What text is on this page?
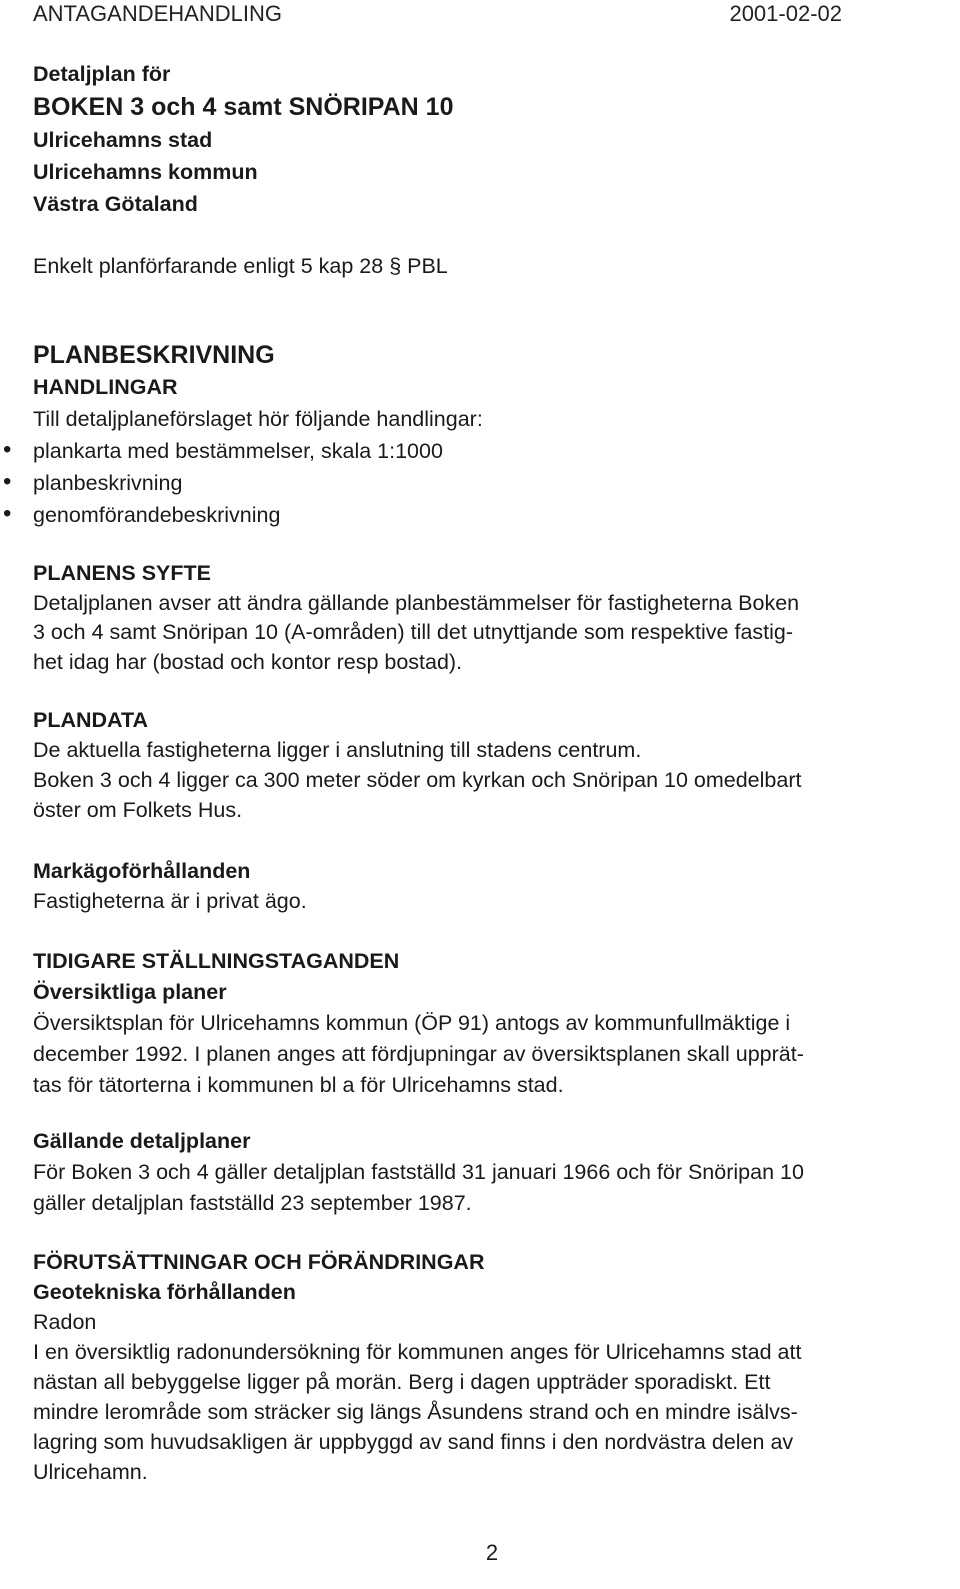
ANTAGANDEHANDLING	2001-02-02

Detaljplan för

BOKEN 3 och 4 samt SNÖRIPAN 10

Ulricehamns stad

Ulricehamns kommun

Västra Götaland

Enkelt planförfarande enligt 5 kap 28 § PBL

PLANBESKRIVNING

HANDLINGAR

Till detaljplaneförslaget hör följande handlingar:

• plankarta med bestämmelser, skala 1:1000
• planbeskrivning
• genomförandebeskrivning

PLANENS SYFTE

Detaljplanen avser att ändra gällande planbestämmelser för fastigheterna Boken

3 och 4 samt Snöripan 10 (A-områden) till det utnyttjande som respektive fastig-

het idag har (bostad och kontor resp bostad).

PLANDATA

De aktuella fastigheterna ligger i anslutning till stadens centrum.

Boken 3 och 4 ligger ca 300 meter söder om kyrkan och Snöripan 10 omedelbart

öster om Folkets Hus.

Markägoförhållanden

Fastigheterna är i privat ägo.

TIDIGARE STÄLLNINGSTAGANDEN

Översiktliga planer

Översiktsplan för Ulricehamns kommun (ÖP 91) antogs av kommunfullmäktige i

december 1992. I planen anges att fördjupningar av översiktsplanen skall upprät-

tas för tätorterna i kommunen bl a för Ulricehamns stad.

Gällande detaljplaner

För Boken 3 och 4 gäller detaljplan fastställd 31 januari 1966 och för Snöripan 10

gäller detaljplan fastställd 23 september 1987.

FÖRUTSÄTTNINGAR OCH FÖRÄNDRINGAR

Geotekniska förhållanden

Radon

I en översiktlig radonundersökning för kommunen anges för Ulricehamns stad att

nästan all bebyggelse ligger på morän. Berg i dagen uppträder sporadiskt. Ett

mindre lerområde som sträcker sig längs Åsundens strand och en mindre isälvs-

lagring som huvudsakligen är uppbyggd av sand finns i den nordvästra delen av

Ulricehamn.

2
